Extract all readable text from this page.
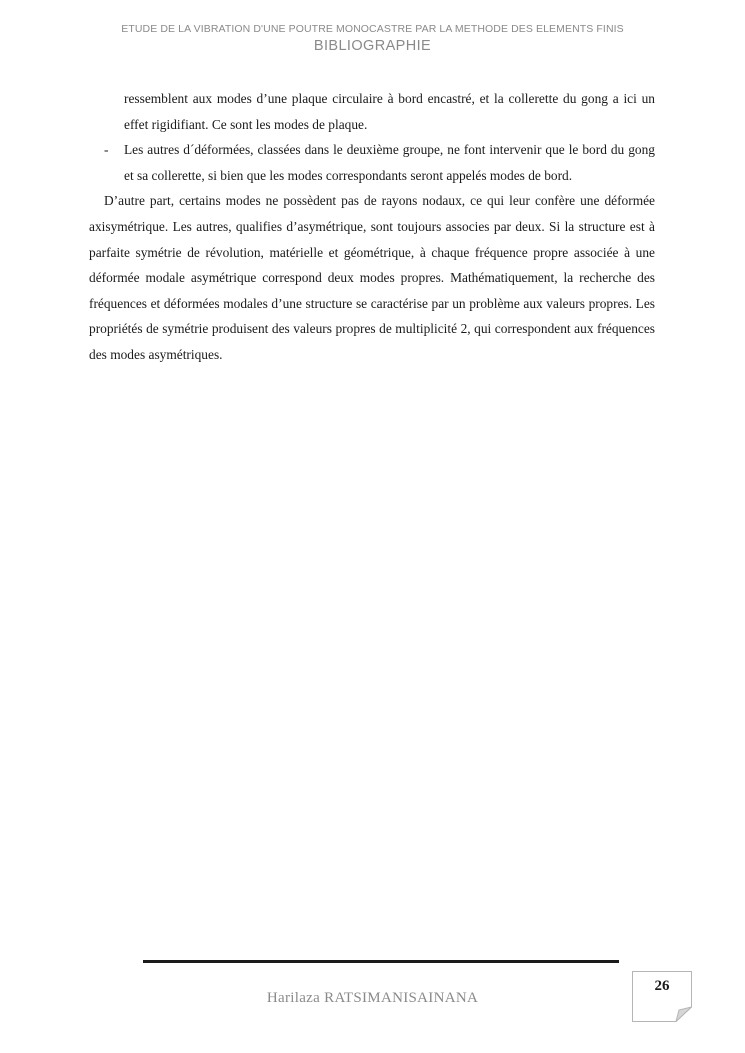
ETUDE DE LA VIBRATION D'UNE POUTRE MONOCASTRE PAR LA METHODE DES ELEMENTS FINIS
BIBLIOGRAPHIE

ressemblent aux modes d’une plaque circulaire à bord encastré, et la collerette du gong a ici un effet rigidifiant. Ce sont les modes de plaque.

- Les autres d´déformées, classées dans le deuxième groupe, ne font intervenir que le bord du gong et sa collerette, si bien que les modes correspondants seront appelés modes de bord.

D’autre part, certains modes ne possèdent pas de rayons nodaux, ce qui leur confère une déformée axisymétrique. Les autres, qualifies d’asymétrique, sont toujours associes par deux. Si la structure est à parfaite symétrie de révolution, matérielle et géométrique, à chaque fréquence propre associée à une déformée modale asymétrique correspond deux modes propres. Mathématiquement, la recherche des fréquences et déformées modales d’une structure se caractérise par un problème aux valeurs propres. Les propriétés de symétrie produisent des valeurs propres de multiplicité 2, qui correspondent aux fréquences des modes asymétriques.

Harilaza RATSIMANISAINANA
26
